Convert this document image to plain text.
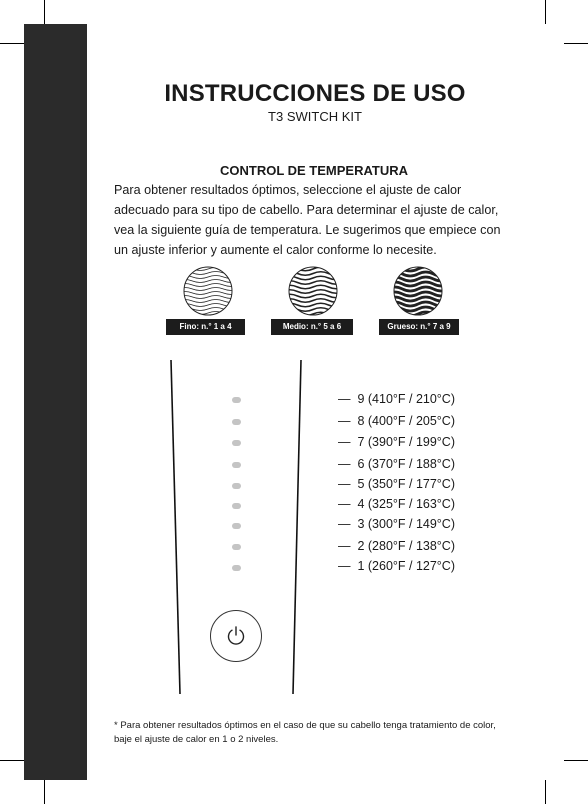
INSTRUCCIONES DE USO
T3 SWITCH KIT
CONTROL DE TEMPERATURA

Para obtener resultados óptimos, seleccione el ajuste de calor adecuado para su tipo de cabello. Para determinar el ajuste de calor, vea la siguiente guía de temperatura. Le sugerimos que empiece con un ajuste inferior y aumente el calor conforme lo necesite.

Fino: n.° 1 a 4	Medio: n.° 5 a 6	Grueso: n.° 7 a 9
— 9 (410°F / 210°C)
— 8 (400°F / 205°C)
— 7 (390°F / 199°C)
— 6 (370°F / 188°C)
— 5 (350°F / 177°C)
— 4 (325°F / 163°C)
— 3 (300°F / 149°C)
— 2 (280°F / 138°C)
— 1 (260°F / 127°C)

* Para obtener resultados óptimos en el caso de que su cabello tenga tratamiento de color, baje el ajuste de calor en 1 o 2 niveles.
